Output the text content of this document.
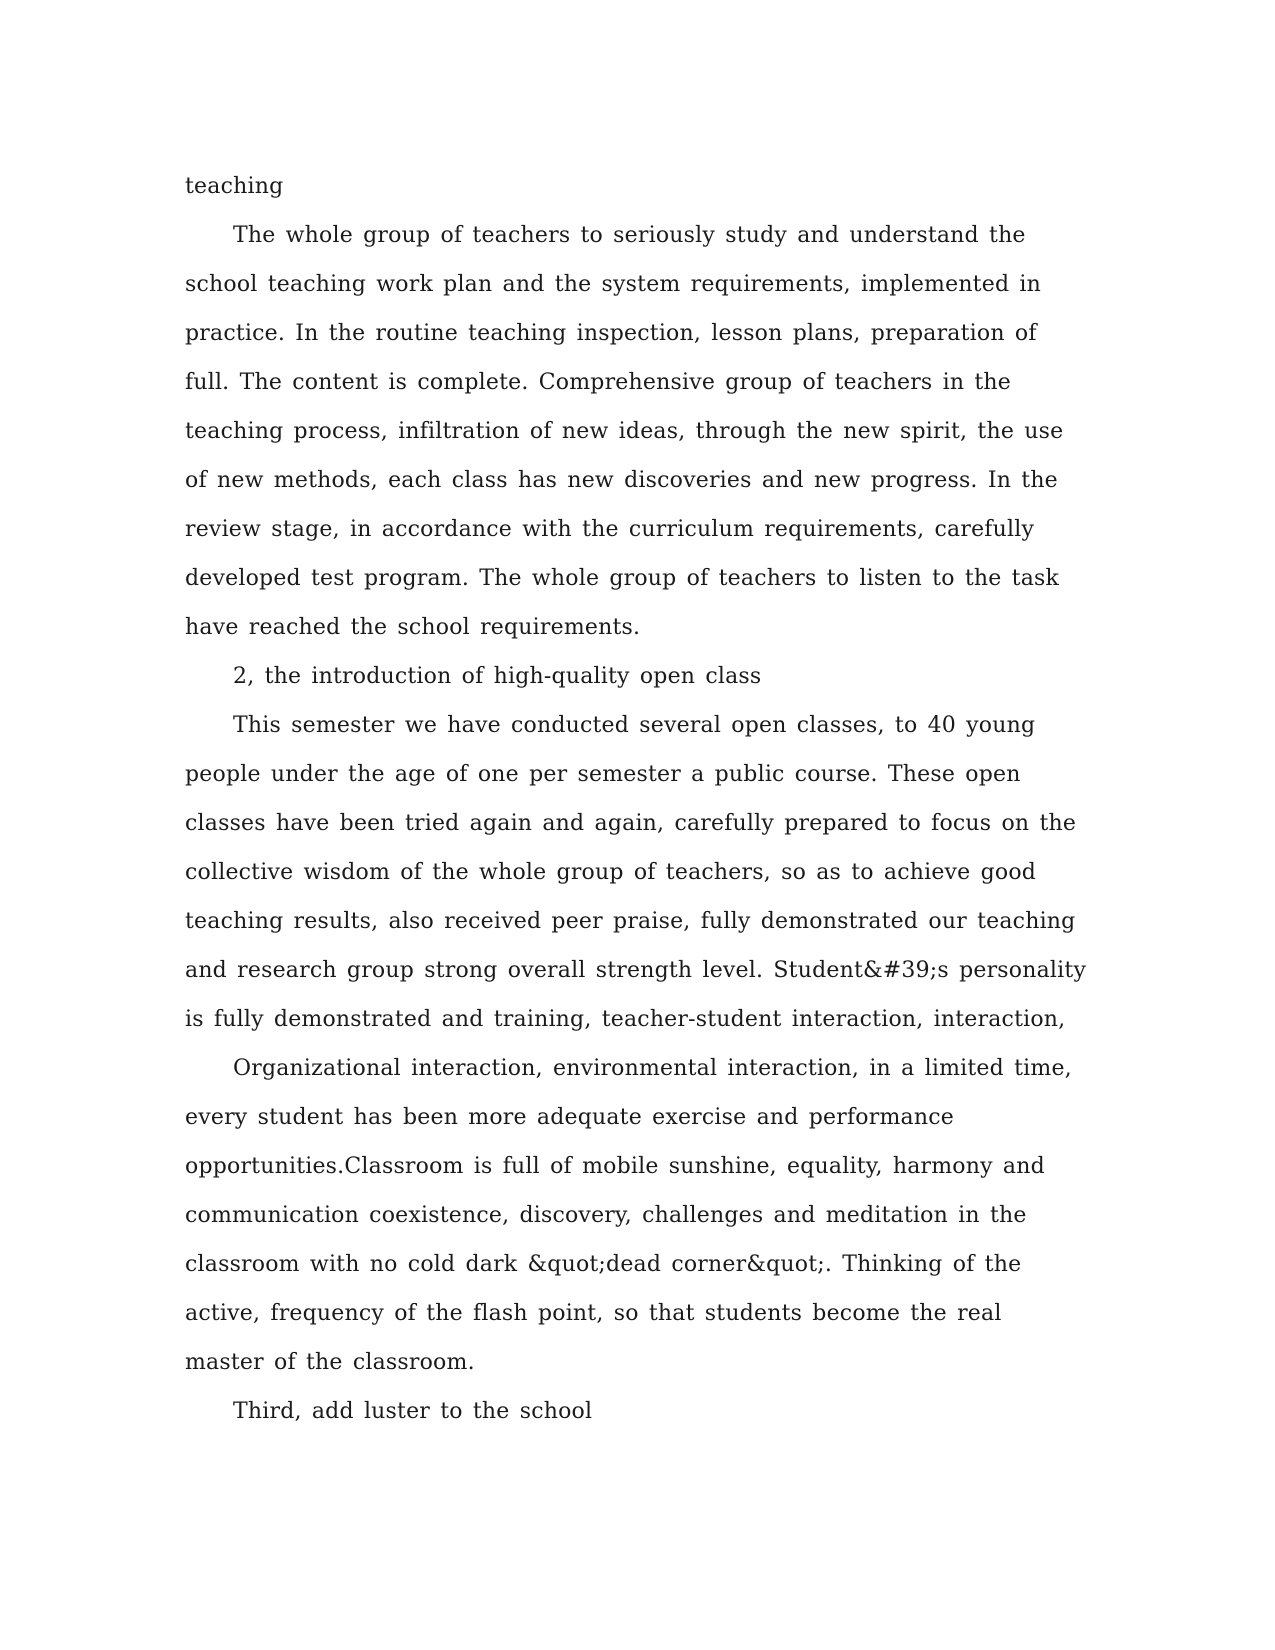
teaching

The whole group of teachers to seriously study and understand the school teaching work plan and the system requirements, implemented in practice. In the routine teaching inspection, lesson plans, preparation of full. The content is complete. Comprehensive group of teachers in the teaching process, infiltration of new ideas, through the new spirit, the use of new methods, each class has new discoveries and new progress. In the review stage, in accordance with the curriculum requirements, carefully developed test program. The whole group of teachers to listen to the task have reached the school requirements.

2, the introduction of high-quality open class

This semester we have conducted several open classes, to 40 young people under the age of one per semester a public course. These open classes have been tried again and again, carefully prepared to focus on the collective wisdom of the whole group of teachers, so as to achieve good teaching results, also received peer praise, fully demonstrated our teaching and research group strong overall strength level. Student&#39;s personality is fully demonstrated and training, teacher-student interaction, interaction,

Organizational interaction, environmental interaction, in a limited time, every student has been more adequate exercise and performance opportunities.Classroom is full of mobile sunshine, equality, harmony and communication coexistence, discovery, challenges and meditation in the classroom with no cold dark &quot;dead corner&quot;. Thinking of the active, frequency of the flash point, so that students become the real master of the classroom.

Third, add luster to the school
